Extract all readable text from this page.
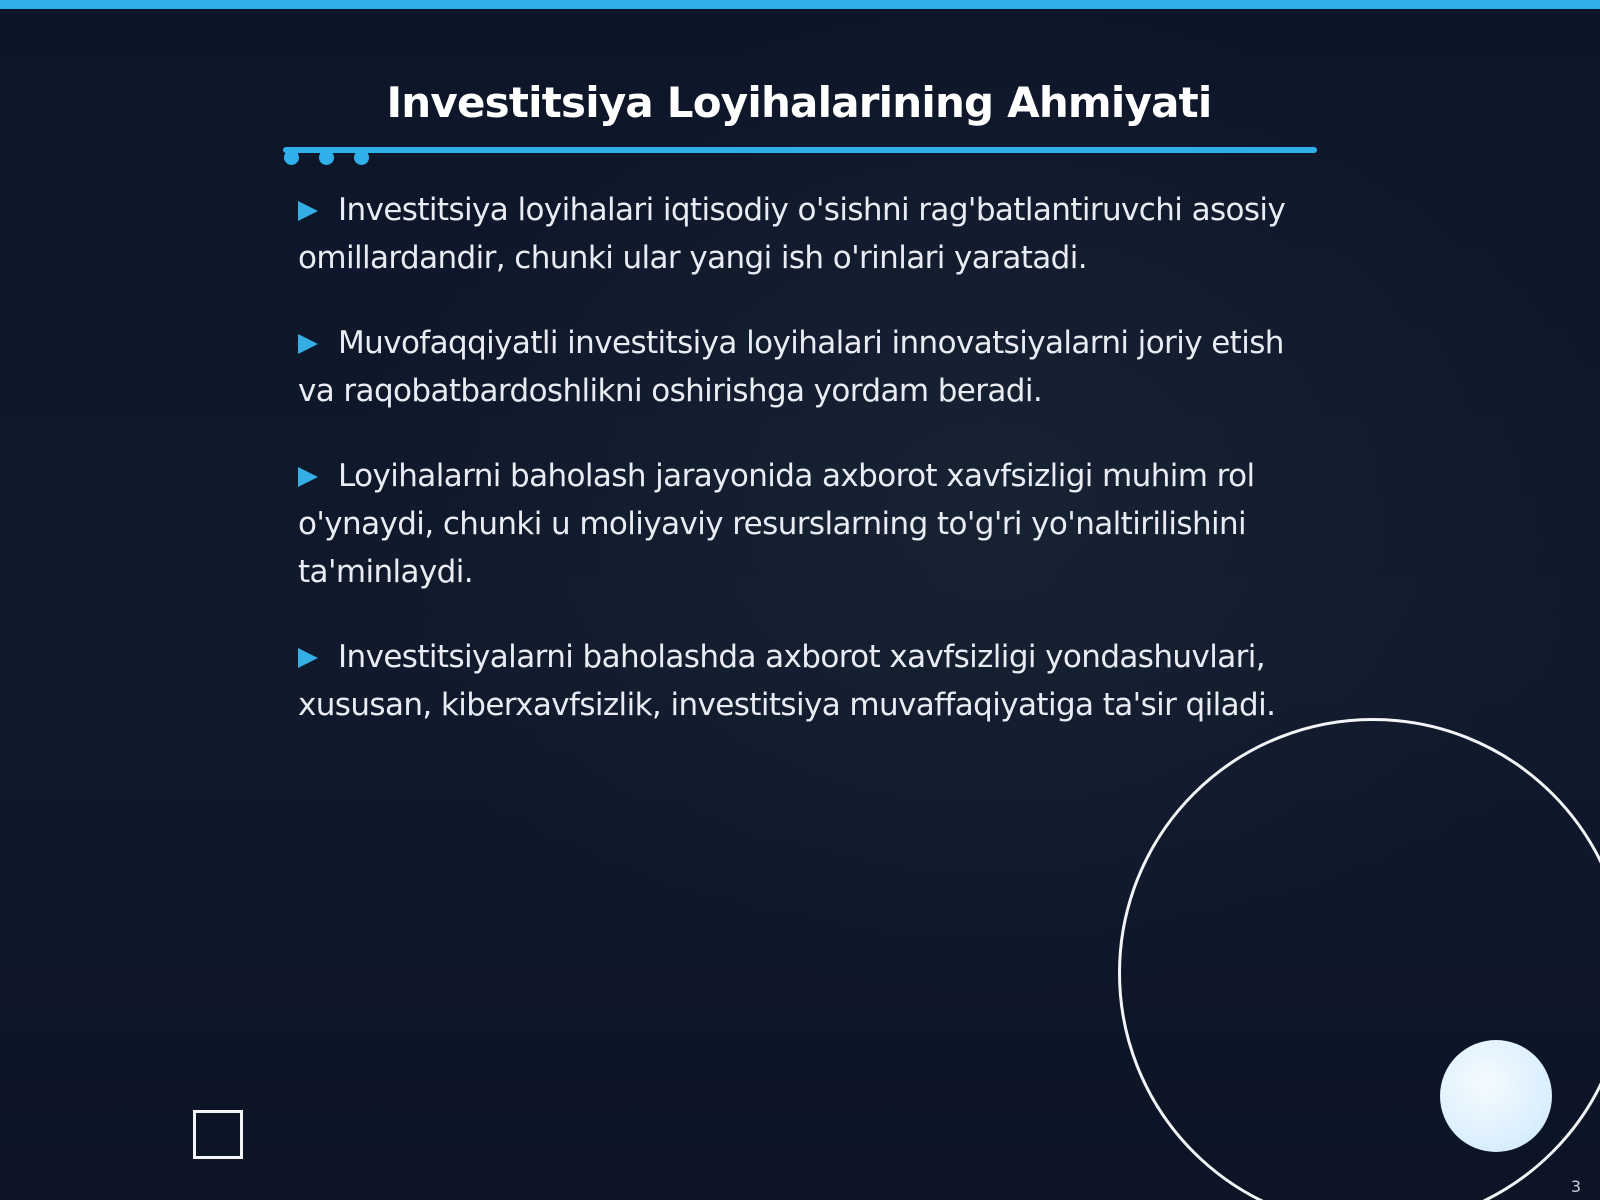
Investitsiya Loyihalarining Ahmiyati
Investitsiya loyihalari iqtisodiy o'sishni rag'batlantiruvchi asosiy omillardandir, chunki ular yangi ish o'rinlari yaratadi.
Muvofaqqiyatli investitsiya loyihalari innovatsiyalarni joriy etish va raqobatbardoshlikni oshirishga yordam beradi.
Loyihalarni baholash jarayonida axborot xavfsizligi muhim rol o'ynaydi, chunki u moliyaviy resurslarning to'g'ri yo'naltirilishini ta'minlaydi.
Investitsiyalarni baholashda axborot xavfsizligi yondashuvlari, xususan, kiberxavfsizlik, investitsiya muvaffaqiyatiga ta'sir qiladi.
3
